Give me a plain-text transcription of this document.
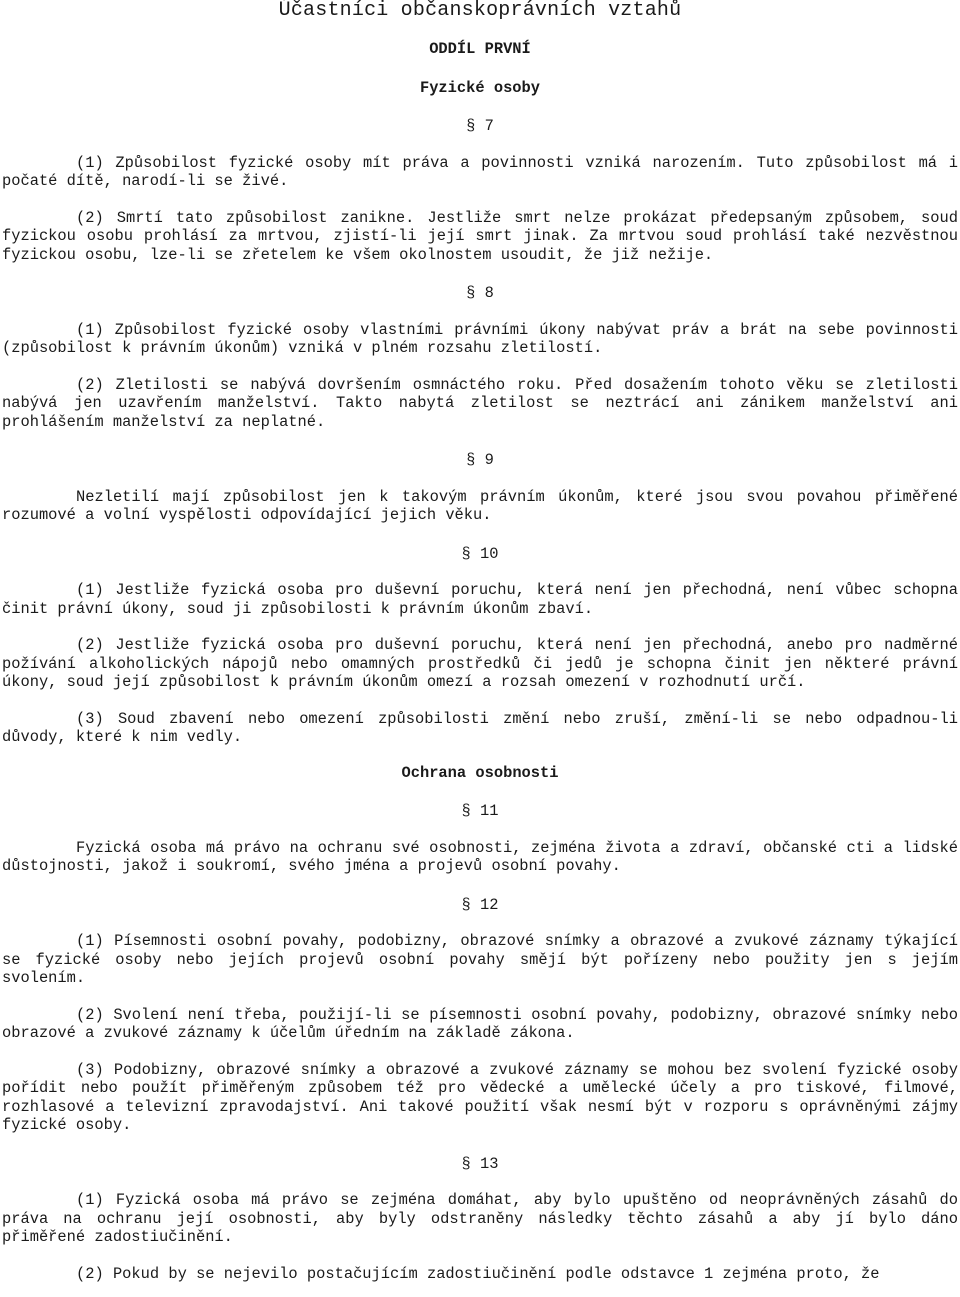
Účastníci občanskoprávních vztahů
ODDÍL PRVNÍ
Fyzické osoby
§ 7

(1) Způsobilost fyzické osoby mít práva a povinnosti vzniká narozením. Tuto způsobilost má i počaté dítě, narodí-li se živé.

(2) Smrtí tato způsobilost zanikne. Jestliže smrt nelze prokázat předepsaným způsobem, soud fyzickou osobu prohlásí za mrtvou, zjistí-li její smrt jinak. Za mrtvou soud prohlásí také nezvěstnou fyzickou osobu, lze-li se zřetelem ke všem okolnostem usoudit, že již nežije.

§ 8

(1) Způsobilost fyzické osoby vlastními právními úkony nabývat práv a brát na sebe povinnosti (způsobilost k právním úkonům) vzniká v plném rozsahu zletilostí.

(2) Zletilosti se nabývá dovršením osmnáctého roku. Před dosažením tohoto věku se zletilosti nabývá jen uzavřením manželství. Takto nabytá zletilost se neztrácí ani zánikem manželství ani prohlášením manželství za neplatné.

§ 9

Nezletilí mají způsobilost jen k takovým právním úkonům, které jsou svou povahou přiměřené rozumové a volní vyspělosti odpovídající jejich věku.

§ 10

(1) Jestliže fyzická osoba pro duševní poruchu, která není jen přechodná, není vůbec schopna činit právní úkony, soud ji způsobilosti k právním úkonům zbaví.

(2) Jestliže fyzická osoba pro duševní poruchu, která není jen přechodná, anebo pro nadměrné požívání alkoholických nápojů nebo omamných prostředků či jedů je schopna činit jen některé právní úkony, soud její způsobilost k právním úkonům omezí a rozsah omezení v rozhodnutí určí.

(3) Soud zbavení nebo omezení způsobilosti změní nebo zruší, změní-li se nebo odpadnou-li důvody, které k nim vedly.

Ochrana osobnosti
§ 11

Fyzická osoba má právo na ochranu své osobnosti, zejména života a zdraví, občanské cti a lidské důstojnosti, jakož i soukromí, svého jména a projevů osobní povahy.

§ 12

(1) Písemnosti osobní povahy, podobizny, obrazové snímky a obrazové a zvukové záznamy týkající se fyzické osoby nebo jejích projevů osobní povahy smějí být pořízeny nebo použity jen s jejím svolením.

(2) Svolení není třeba, použijí-li se písemnosti osobní povahy, podobizny, obrazové snímky nebo obrazové a zvukové záznamy k účelům úředním na základě zákona.

(3) Podobizny, obrazové snímky a obrazové a zvukové záznamy se mohou bez svolení fyzické osoby pořídit nebo použít přiměřeným způsobem též pro vědecké a umělecké účely a pro tiskové, filmové, rozhlasové a televizní zpravodajství. Ani takové použití však nesmí být v rozporu s oprávněnými zájmy fyzické osoby.

§ 13

(1) Fyzická osoba má právo se zejména domáhat, aby bylo upuštěno od neoprávněných zásahů do práva na ochranu její osobnosti, aby byly odstraněny následky těchto zásahů a aby jí bylo dáno přiměřené zadostiučinění.

(2) Pokud by se nejevilo postačujícím zadostiučinění podle odstavce 1 zejména proto, že
